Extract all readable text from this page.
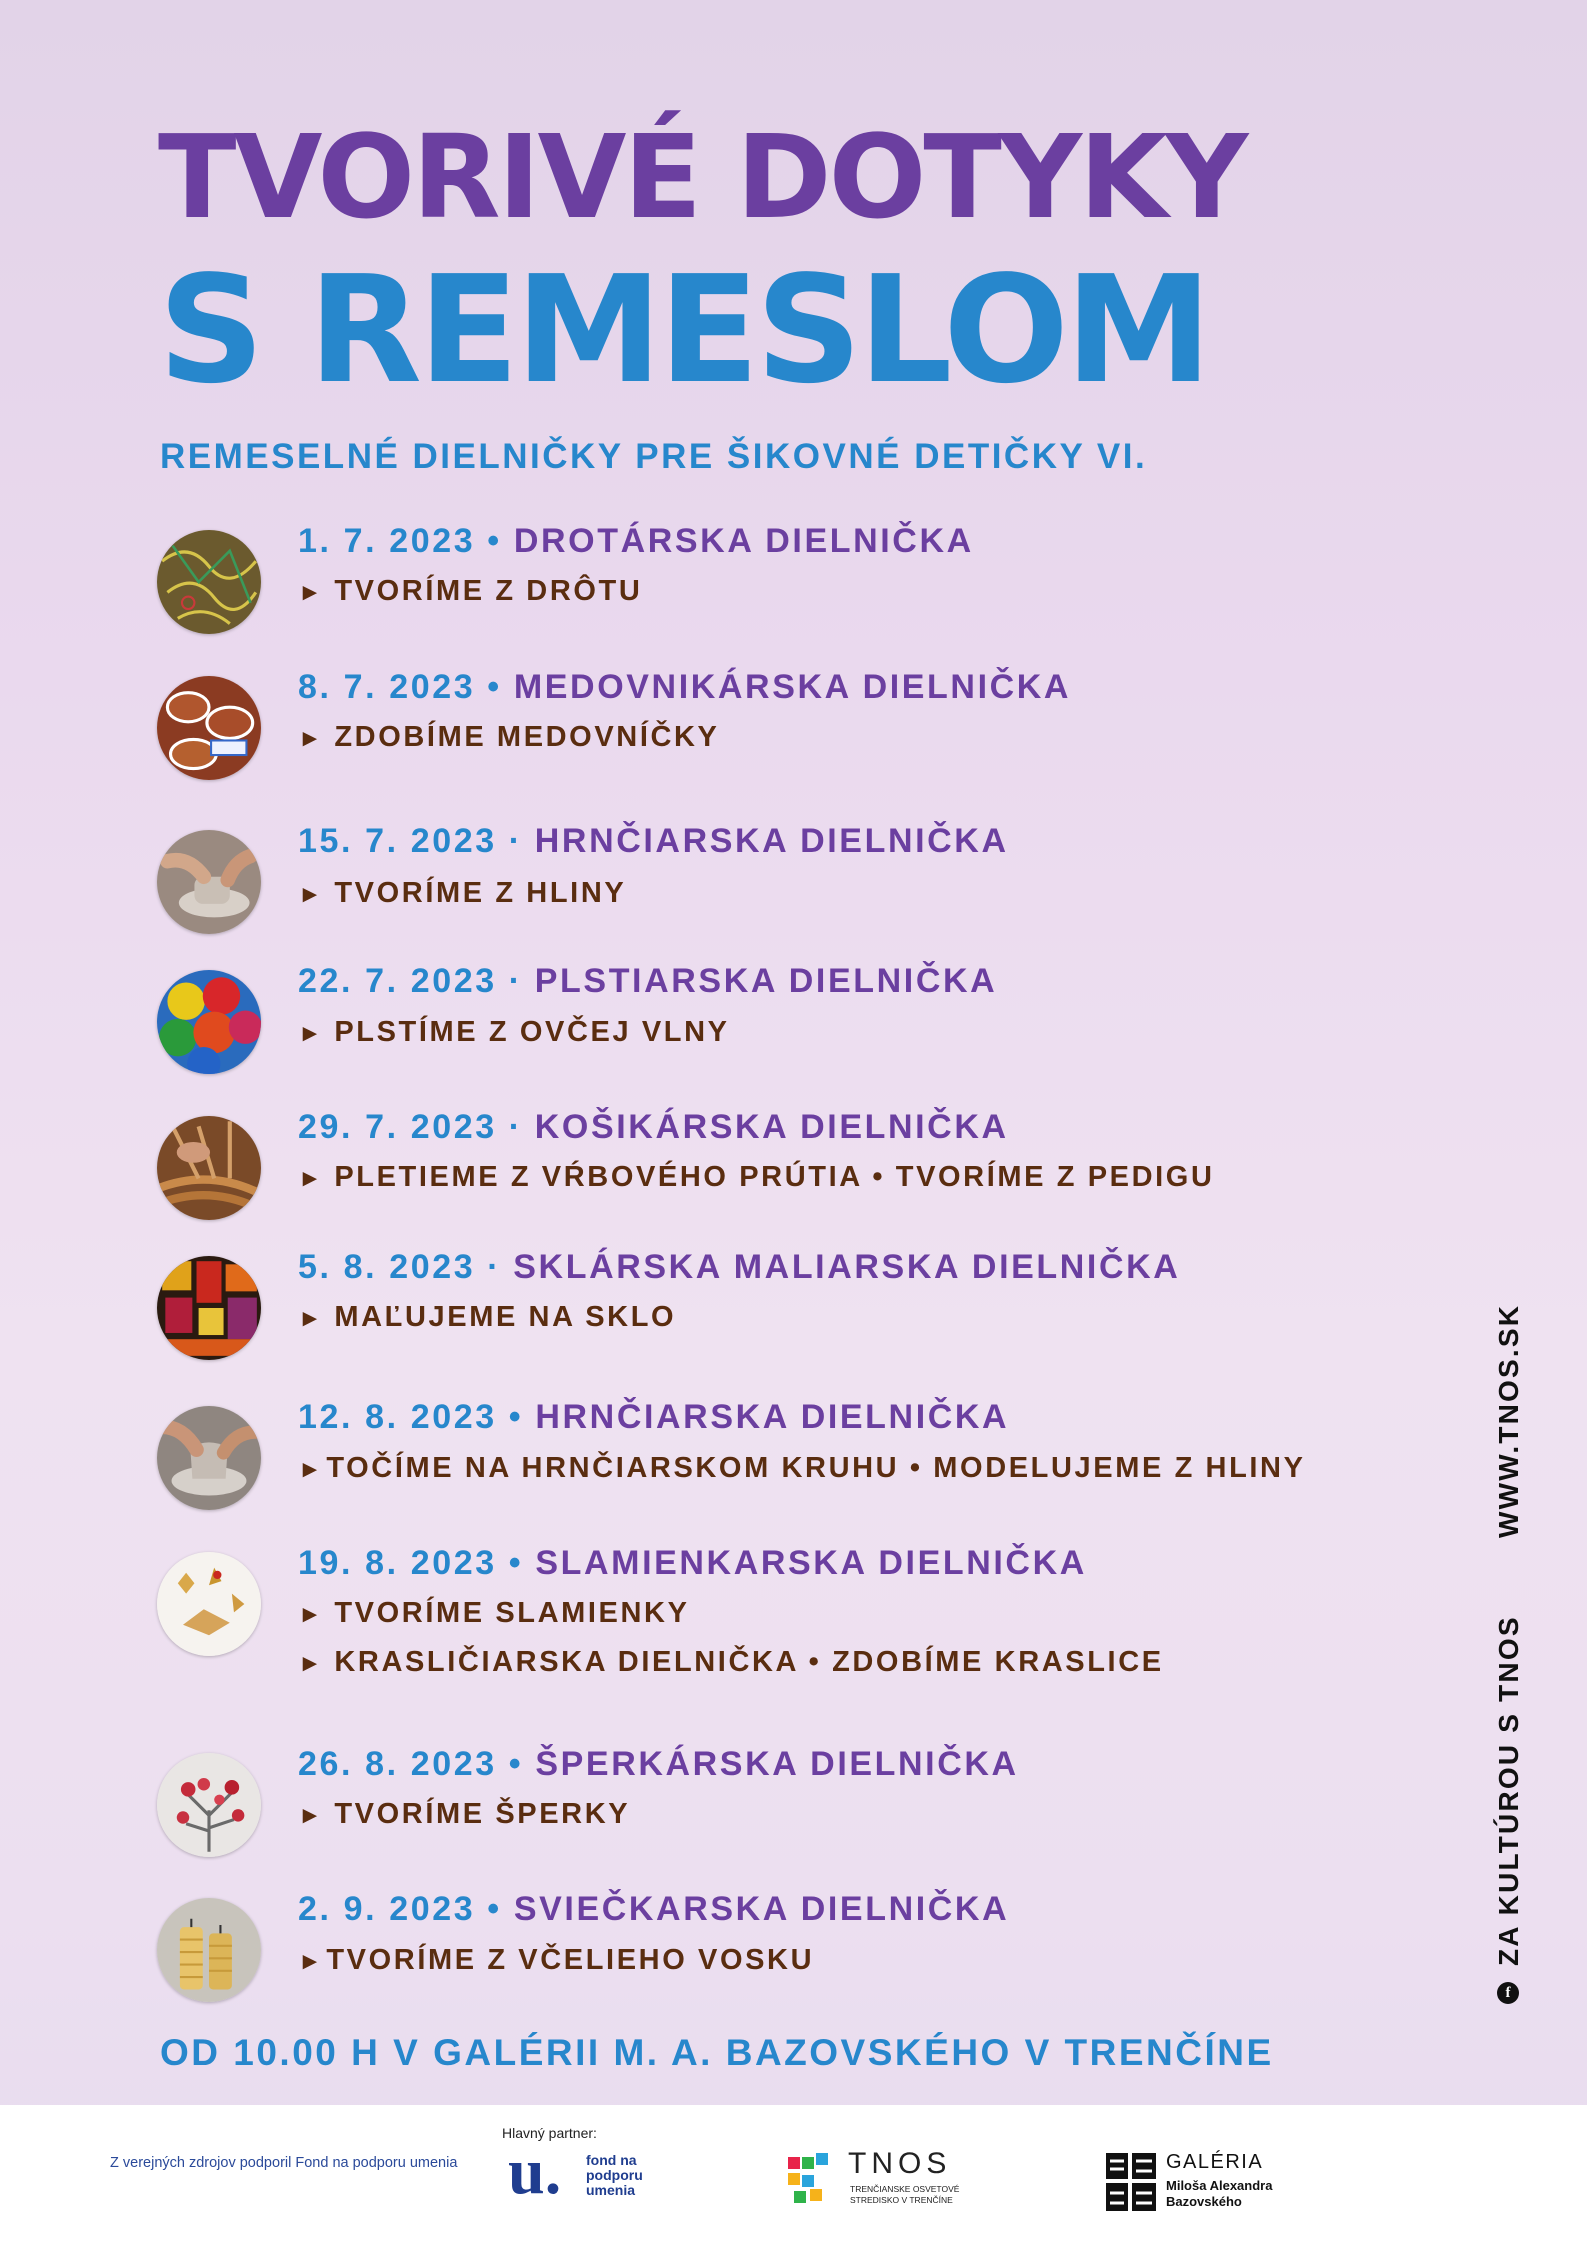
TVORIVÉ DOTYKY
S REMESLOM

REMESELNÉ DIELNIČKY PRE ŠIKOVNÉ DETIČKY VI.

1. 7. 2023 • DROTÁRSKA DIELNIČKA

► TVORÍME Z DRÔTU

8. 7. 2023 • MEDOVNIKÁRSKA DIELNIČKA

► ZDOBÍME MEDOVNÍČKY

15. 7. 2023 · HRNČIARSKA DIELNIČKA

► TVORÍME Z HLINY

22. 7. 2023 · PLSTIARSKA DIELNIČKA

► PLSTÍME Z OVČEJ VLNY

29. 7. 2023 · KOŠIKÁRSKA DIELNIČKA

► PLETIEME Z VŔBOVÉHO PRÚTIA • TVORÍME Z PEDIGU

5. 8. 2023 · SKLÁRSKA MALIARSKA DIELNIČKA

► MAĽUJEME NA SKLO

12. 8. 2023 • HRNČIARSKA DIELNIČKA

►TOČÍME NA HRNČIARSKOM KRUHU • MODELUJEME Z HLINY

19. 8. 2023 • SLAMIENKARSKA DIELNIČKA

► TVORÍME SLAMIENKY

► KRASLIČIARSKA DIELNIČKA • ZDOBÍME KRASLICE

26. 8. 2023 • ŠPERKÁRSKA DIELNIČKA

► TVORÍME ŠPERKY

2. 9. 2023 • SVIEČKARSKA DIELNIČKA

►TVORÍME Z VČELIEHO VOSKU

OD 10.00 H V GALÉRII M. A. BAZOVSKÉHO V TRENČÍNE

WWW.TNOS.SK
ZA KULTÚROU S TNOS
f
Z verejných zdrojov podporil Fond na podporu umenia
Hlavný partner:
u. fond na podporu umenia
TNOS
TRENČIANSKE OSVETOVÉ STREDISKO V TRENČÍNE
GALÉRIA
Miloša Alexandra
Bazovského
